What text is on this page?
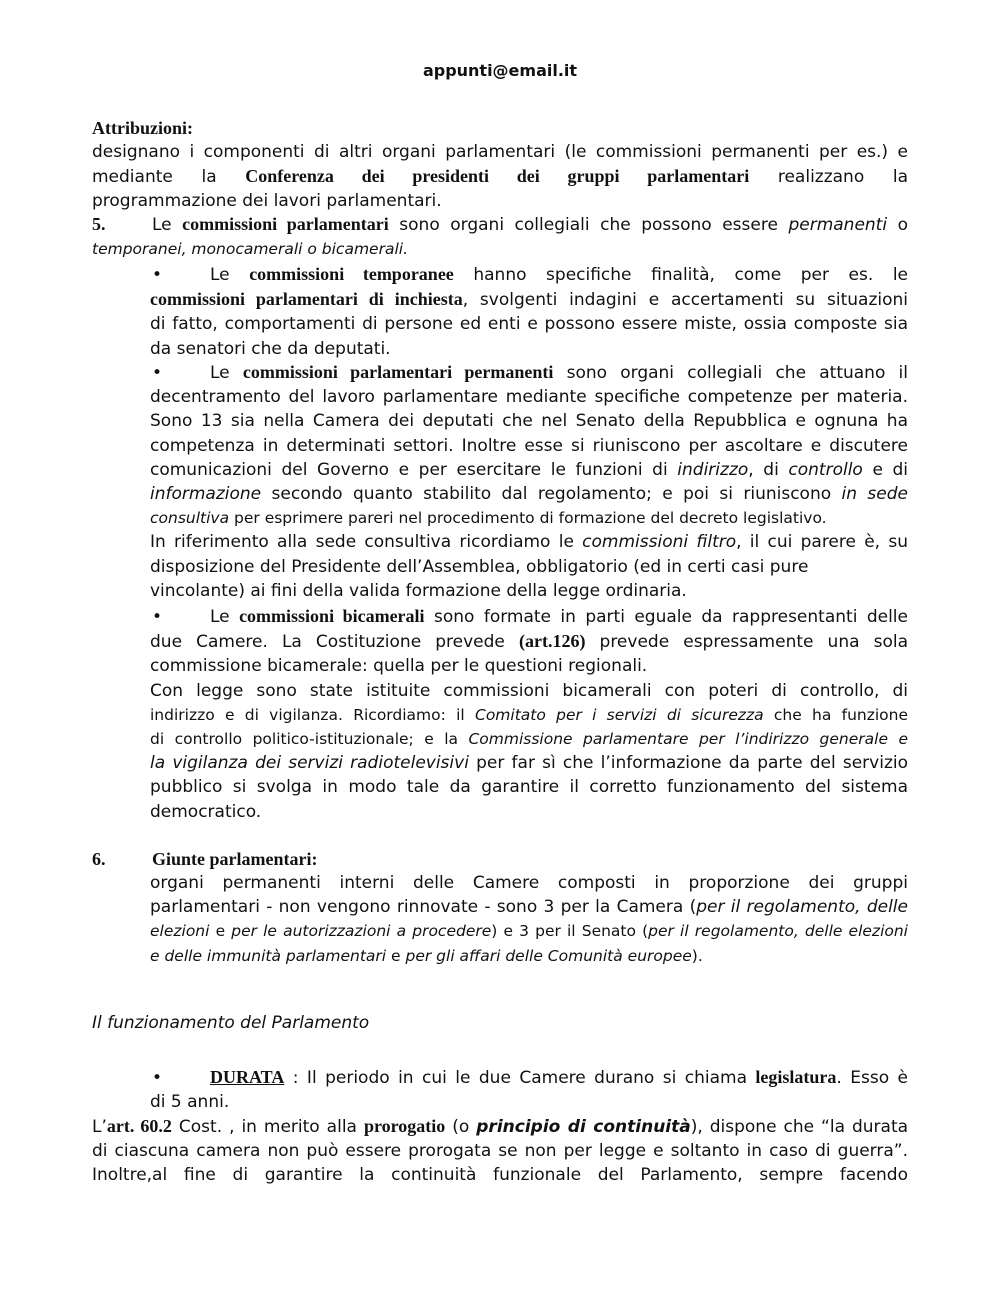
appunti@email.it
Attribuzioni:
designano i componenti di altri organi parlamentari (le commissioni permanenti per es.) e
mediante la Conferenza dei presidenti dei gruppi parlamentari realizzano la
programmazione dei lavori parlamentari.
5.	Le commissioni parlamentari sono organi collegiali che possono essere permanenti o
temporanei, monocamerali o bicamerali.
•	Le commissioni temporanee hanno specifiche finalità, come per es. le
commissioni parlamentari di inchiesta, svolgenti indagini e accertamenti su situazioni
di fatto, comportamenti di persone ed enti e possono essere miste, ossia composte sia
da senatori che da deputati.
•	Le commissioni parlamentari permanenti sono organi collegiali che attuano il
decentramento del lavoro parlamentare mediante specifiche competenze per materia.
Sono 13 sia nella Camera dei deputati che nel Senato della Repubblica e ognuna ha
competenza in determinati settori. Inoltre esse si riuniscono per ascoltare e discutere
comunicazioni del Governo e per esercitare le funzioni di indirizzo, di controllo e di
informazione secondo quanto stabilito dal regolamento; e poi si riuniscono in sede
consultiva per esprimere pareri nel procedimento di formazione del decreto legislativo.
In riferimento alla sede consultiva ricordiamo le commissioni filtro, il cui parere è, su
disposizione del Presidente dell’Assemblea, obbligatorio (ed in certi casi pure
vincolante) ai fini della valida formazione della legge ordinaria.
•	Le commissioni bicamerali sono formate in parti eguale da rappresentanti delle
due Camere. La Costituzione prevede (art.126) prevede espressamente una sola
commissione bicamerale: quella per le questioni regionali.
Con legge sono state istituite commissioni bicamerali con poteri di controllo, di
indirizzo e di vigilanza. Ricordiamo: il Comitato per i servizi di sicurezza che ha funzione
di controllo politico-istituzionale; e la Commissione parlamentare per l’indirizzo generale e
la vigilanza dei servizi radiotelevisivi per far sì che l’informazione da parte del servizio
pubblico si svolga in modo tale da garantire il corretto funzionamento del sistema
democratico.
6.	Giunte parlamentari:
organi permanenti interni delle Camere composti in proporzione dei gruppi
parlamentari - non vengono rinnovate - sono 3 per la Camera (per il regolamento, delle
elezioni e per le autorizzazioni a procedere) e 3 per il Senato (per il regolamento, delle elezioni
e delle immunità parlamentari e per gli affari delle Comunità europee).
Il funzionamento del Parlamento
•	DURATA : Il periodo in cui le due Camere durano si chiama legislatura. Esso è
di 5 anni.
L’art. 60.2 Cost. , in merito alla prorogatio (o principio di continuità), dispone che “la durata
di ciascuna camera non può essere prorogata se non per legge e soltanto in caso di guerra”.
Inoltre,al fine di garantire la continuità funzionale del Parlamento, sempre facendo
